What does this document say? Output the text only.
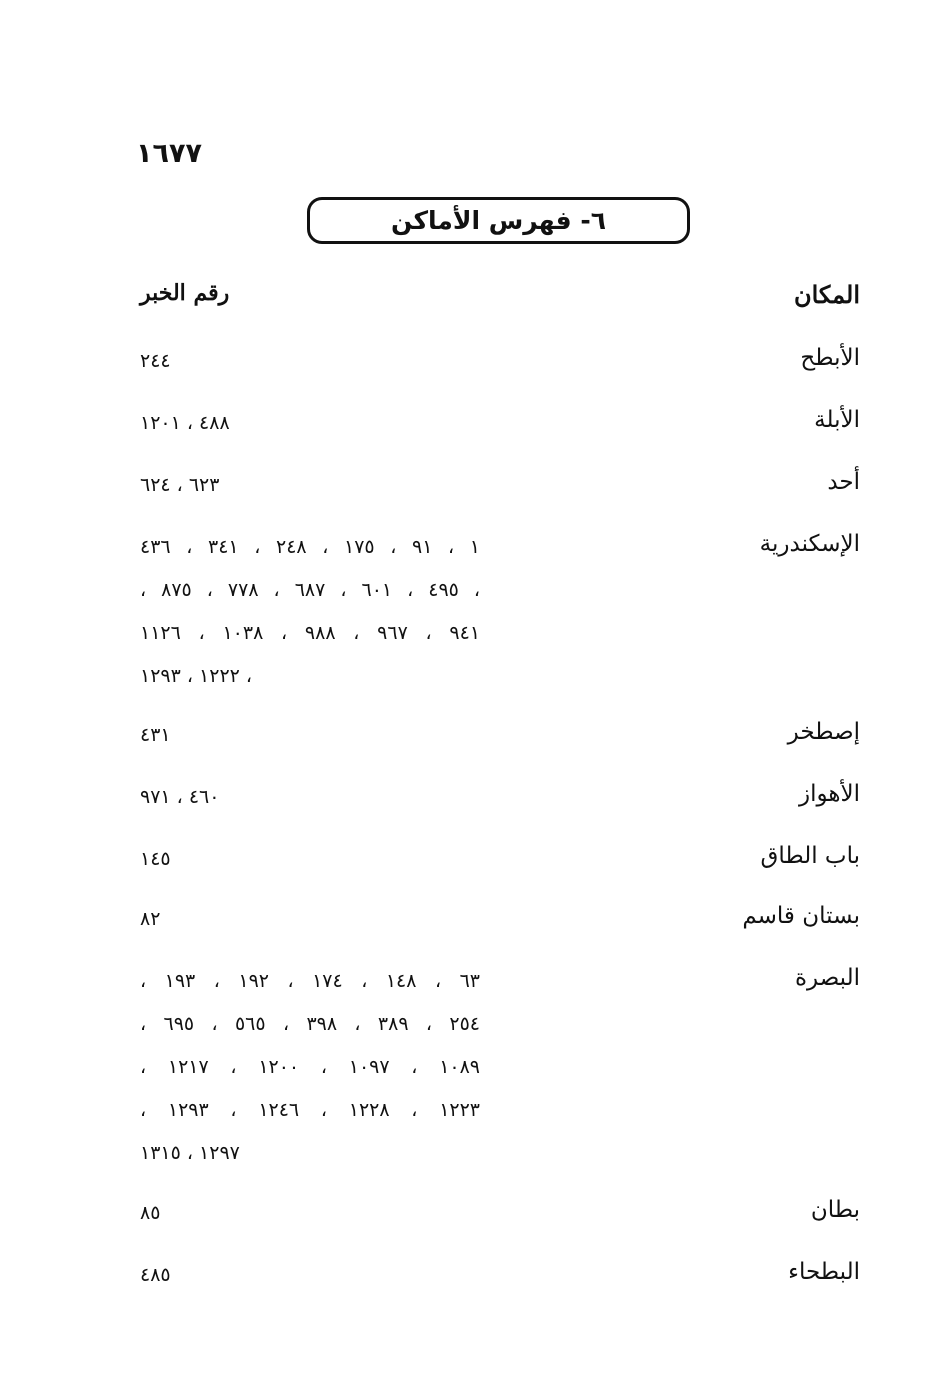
١٦٧٧
٦- فهرس الأماكن
المكان
رقم الخبر
الأبطح
٢٤٤
الأبلة
٤٨٨ ، ١٢٠١
أحد
٦٢٣ ، ٦٢٤
الإسكندرية
١ ، ٩١ ، ١٧٥ ، ٢٤٨ ، ٣٤١ ، ٤٣٦
، ٤٩٥ ، ٦٠١ ، ٦٨٧ ، ٧٧٨ ، ٨٧٥ ،
٩٤١ ، ٩٦٧ ، ٩٨٨ ، ١٠٣٨ ، ١١٢٦
، ١٢٢٢ ، ١٢٩٣
إصطخر
٤٣١
الأهواز
٤٦٠ ، ٩٧١
باب الطاق
١٤٥
بستان قاسم
٨٢
البصرة
٦٣ ، ١٤٨ ، ١٧٤ ، ١٩٢ ، ١٩٣ ،
٢٥٤ ، ٣٨٩ ، ٣٩٨ ، ٥٦٥ ، ٦٩٥ ،
١٠٨٩ ، ١٠٩٧ ، ١٢٠٠ ، ١٢١٧ ،
١٢٢٣ ، ١٢٢٨ ، ١٢٤٦ ، ١٢٩٣ ،
١٢٩٧ ، ١٣١٥
بطان
٨٥
البطحاء
٤٨٥
